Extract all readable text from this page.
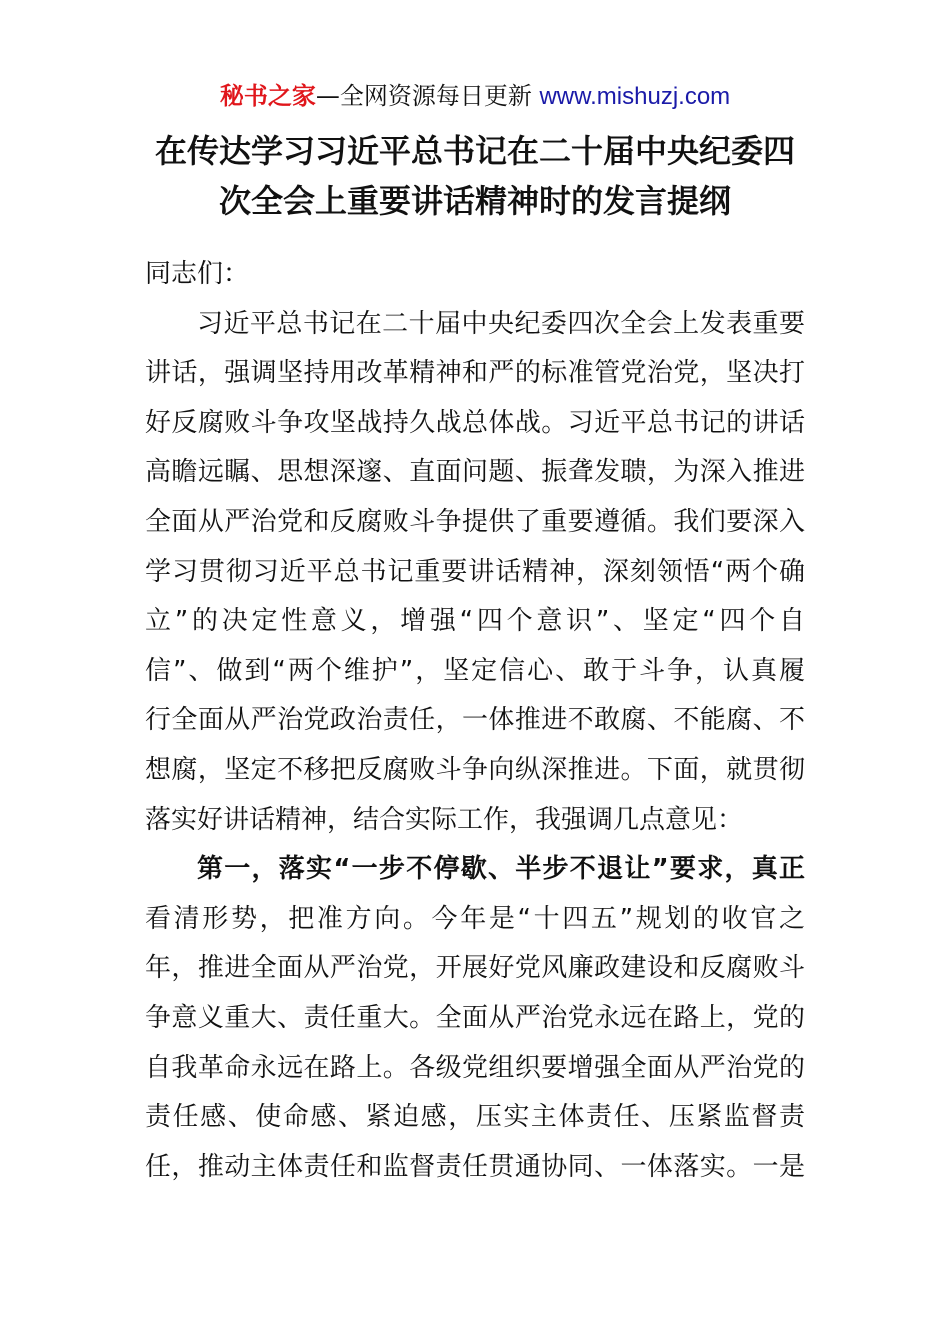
秘书之家—全网资源每日更新 www.mishuzj.com
在传达学习习近平总书记在二十届中央纪委四
次全会上重要讲话精神时的发言提纲

同志们：

习近平总书记在二十届中央纪委四次全会上发表重要
讲话，强调坚持用改革精神和严的标准管党治党，坚决打
好反腐败斗争攻坚战持久战总体战。习近平总书记的讲话
高瞻远瞩、思想深邃、直面问题、振聋发聩，为深入推进
全面从严治党和反腐败斗争提供了重要遵循。我们要深入
学习贯彻习近平总书记重要讲话精神，深刻领悟“两个确
立”的决定性意义，增强“四个意识”、坚定“四个自
信”、做到“两个维护”，坚定信心、敢于斗争，认真履
行全面从严治党政治责任，一体推进不敢腐、不能腐、不
想腐，坚定不移把反腐败斗争向纵深推进。下面，就贯彻
落实好讲话精神，结合实际工作，我强调几点意见：

第一，落实“一步不停歇、半步不退让”要求，真正
看清形势，把准方向。今年是“十四五”规划的收官之
年，推进全面从严治党，开展好党风廉政建设和反腐败斗
争意义重大、责任重大。全面从严治党永远在路上，党的
自我革命永远在路上。各级党组织要增强全面从严治党的
责任感、使命感、紧迫感，压实主体责任、压紧监督责
任，推动主体责任和监督责任贯通协同、一体落实。一是
